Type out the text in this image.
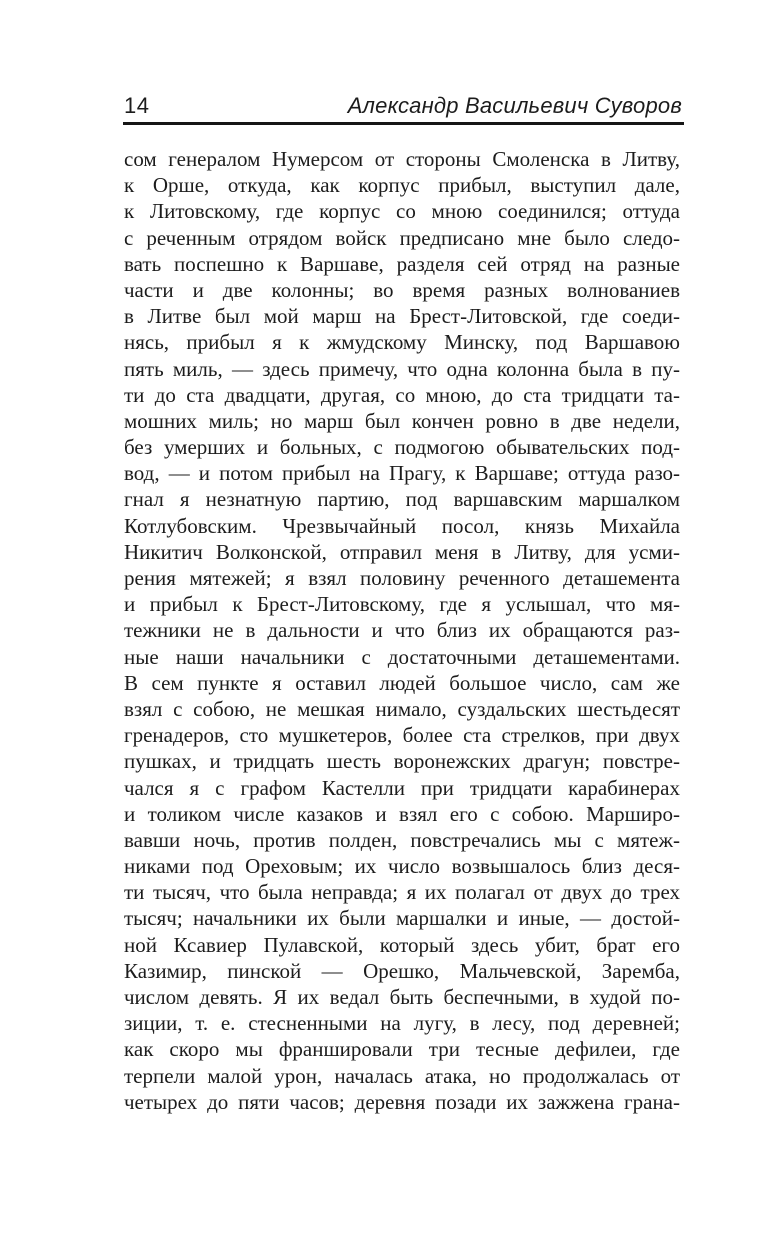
14	Александр Васильевич Суворов
сом генералом Нумерсом от стороны Смоленска в Литву,
к Орше, откуда, как корпус прибыл, выступил дале,
к Литовскому, где корпус со мною соединился; оттуда
с реченным отрядом войск предписано мне было следо-
вать поспешно к Варшаве, разделя сей отряд на разные
части и две колонны; во время разных волнованиев
в Литве был мой марш на Брест-Литовской, где соеди-
нясь, прибыл я к жмудскому Минску, под Варшавою
пять миль, — здесь примечу, что одна колонна была в пу-
ти до ста двадцати, другая, со мною, до ста тридцати та-
мошних миль; но марш был кончен ровно в две недели,
без умерших и больных, с подмогою обывательских под-
вод, — и потом прибыл на Прагу, к Варшаве; оттуда разо-
гнал я незнатную партию, под варшавским маршалком
Котлубовским. Чрезвычайный посол, князь Михайла
Никитич Волконской, отправил меня в Литву, для усми-
рения мятежей; я взял половину реченного деташемента
и прибыл к Брест-Литовскому, где я услышал, что мя-
тежники не в дальности и что близ их обращаются раз-
ные наши начальники с достаточными деташементами.
В сем пункте я оставил людей большое число, сам же
взял с собою, не мешкая нимало, суздальских шестьдесят
гренадеров, сто мушкетеров, более ста стрелков, при двух
пушках, и тридцать шесть воронежских драгун; повстре-
чался я с графом Кастелли при тридцати карабинерах
и толиком числе казаков и взял его с собою. Марширо-
вавши ночь, против полден, повстречались мы с мятеж-
никами под Ореховым; их число возвышалось близ деся-
ти тысяч, что была неправда; я их полагал от двух до трех
тысяч; начальники их были маршалки и иные, — достой-
ной Ксавиер Пулавской, который здесь убит, брат его
Казимир, пинской — Орешко, Мальчевской, Заремба,
числом девять. Я их ведал быть беспечными, в худой по-
зиции, т. е. стесненными на лугу, в лесу, под деревней;
как скоро мы франшировали три тесные дефилеи, где
терпели малой урон, началась атака, но продолжалась от
четырех до пяти часов; деревня позади их зажжена грана-
